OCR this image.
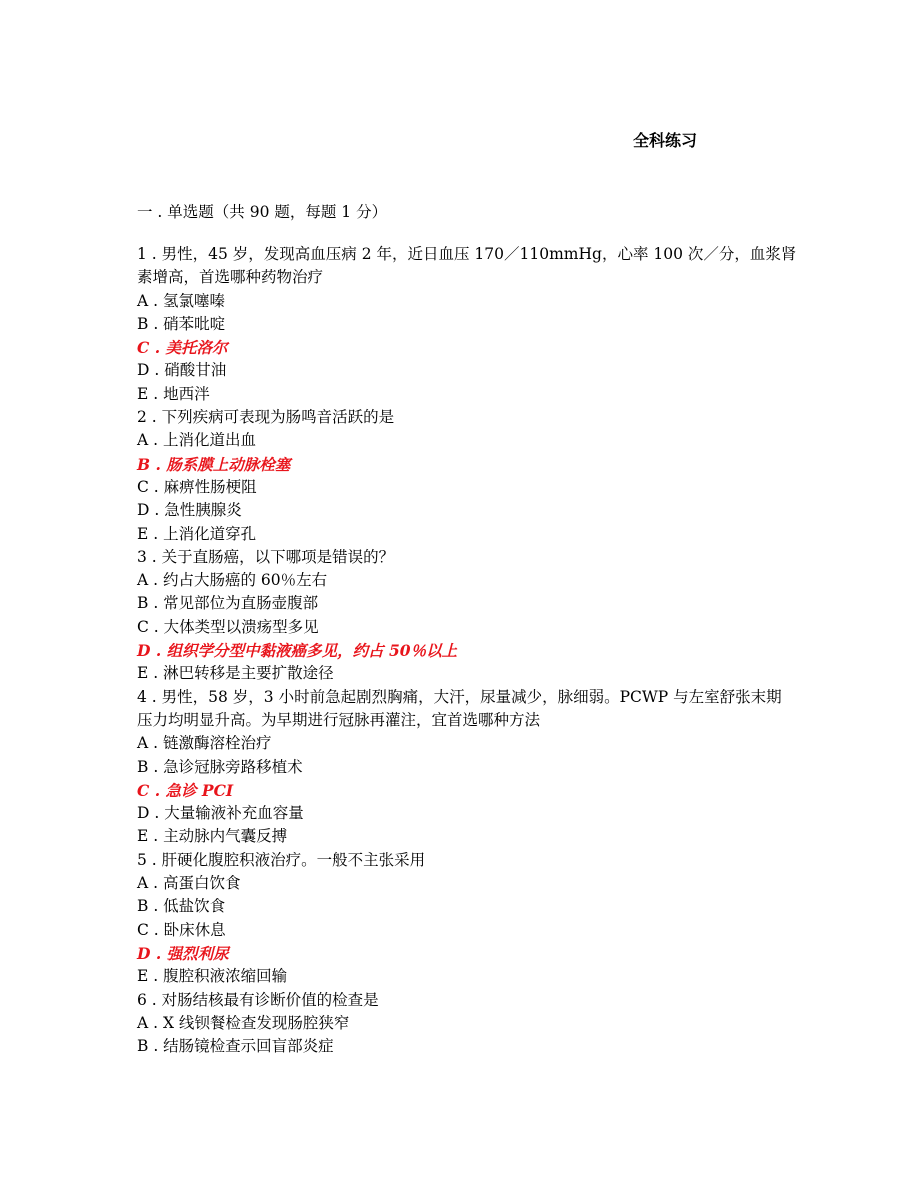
全科练习
一 . 单选题（共 90 题，每题 1 分）
1 . 男性，45 岁，发现高血压病 2 年，近日血压 170／110mmHg，心率 100 次／分，血浆肾素增高，首选哪种药物治疗
A . 氢氯噻嗪
B . 硝苯吡啶
C . 美托洛尔
D . 硝酸甘油
E . 地西泮
2 . 下列疾病可表现为肠鸣音活跃的是
A . 上消化道出血
B . 肠系膜上动脉栓塞
C . 麻痹性肠梗阻
D . 急性胰腺炎
E . 上消化道穿孔
3 . 关于直肠癌，以下哪项是错误的？
A . 约占大肠癌的 60％左右
B . 常见部位为直肠壶腹部
C . 大体类型以溃疡型多见
D . 组织学分型中黏液癌多见，约占 50％以上
E . 淋巴转移是主要扩散途径
4 . 男性，58 岁，3 小时前急起剧烈胸痛，大汗，尿量减少，脉细弱。PCWP 与左室舒张末期压力均明显升高。为早期进行冠脉再灌注，宜首选哪种方法
A . 链激酶溶栓治疗
B . 急诊冠脉旁路移植术
C . 急诊 PCI
D . 大量输液补充血容量
E . 主动脉内气囊反搏
5 . 肝硬化腹腔积液治疗。一般不主张采用
A . 高蛋白饮食
B . 低盐饮食
C . 卧床休息
D . 强烈利尿
E . 腹腔积液浓缩回输
6 . 对肠结核最有诊断价值的检查是
A . X 线钡餐检查发现肠腔狭窄
B . 结肠镜检查示回盲部炎症
